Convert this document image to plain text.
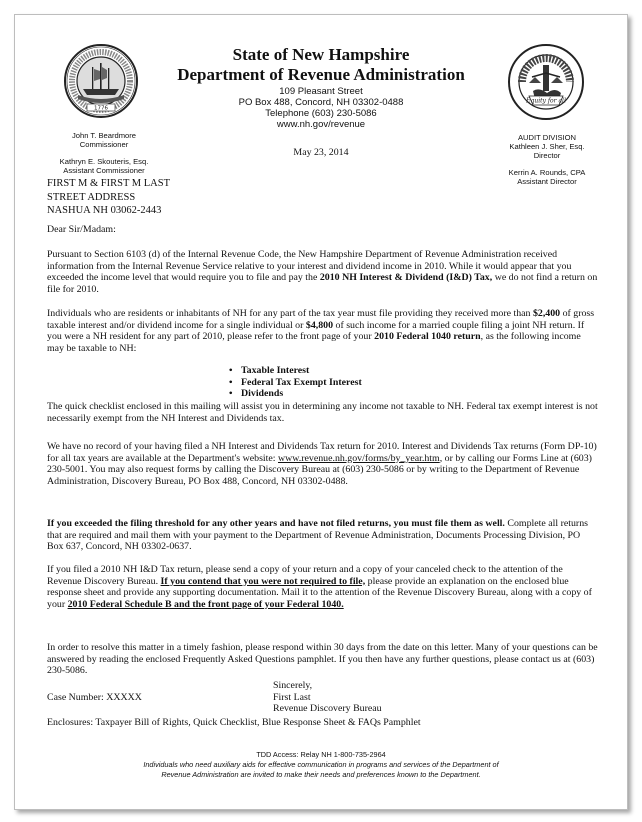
1776
Equity for all
State of New Hampshire
Department of Revenue Administration
109 Pleasant Street
PO Box 488, Concord, NH 03302-0488
Telephone (603) 230-5086
www.nh.gov/revenue
May 23, 2014
John T. Beardmore
Commissioner
Kathryn E. Skouteris, Esq.
Assistant Commissioner
AUDIT DIVISION
Kathleen J. Sher, Esq.
Director
Kerrin A. Rounds, CPA
Assistant Director
FIRST M & FIRST M LAST
STREET ADDRESS
NASHUA NH 03062-2443
Dear Sir/Madam:

Pursuant to Section 6103 (d) of the Internal Revenue Code, the New Hampshire Department of Revenue Administration received information from the Internal Revenue Service relative to your interest and dividend income in 2010. While it would appear that you exceeded the income level that would require you to file and pay the 2010 NH Interest & Dividend (I&D) Tax, we do not find a return on file for 2010.

Individuals who are residents or inhabitants of NH for any part of the tax year must file providing they received more than $2,400 of gross taxable interest and/or dividend income for a single individual or $4,800 of such income for a married couple filing a joint NH return. If you were a NH resident for any part of 2010, please refer to the front page of your 2010 Federal 1040 return, as the following income may be taxable to NH:

• Taxable Interest
• Federal Tax Exempt Interest
• Dividends
The quick checklist enclosed in this mailing will assist you in determining any income not taxable to NH. Federal tax exempt interest is not necessarily exempt from the NH Interest and Dividends tax.

We have no record of your having filed a NH Interest and Dividends Tax return for 2010. Interest and Dividends Tax returns (Form DP-10) for all tax years are available at the Department's website: www.revenue.nh.gov/forms/by_year.htm, or by calling our Forms Line at (603) 230-5001. You may also request forms by calling the Discovery Bureau at (603) 230-5086 or by writing to the Department of Revenue Administration, Discovery Bureau, PO Box 488, Concord, NH 03302-0488.

If you exceeded the filing threshold for any other years and have not filed returns, you must file them as well. Complete all returns that are required and mail them with your payment to the Department of Revenue Administration, Documents Processing Division, PO Box 637, Concord, NH 03302-0637.

If you filed a 2010 NH I&D Tax return, please send a copy of your return and a copy of your canceled check to the attention of the Revenue Discovery Bureau. If you contend that you were not required to file, please provide an explanation on the enclosed blue response sheet and provide any supporting documentation. Mail it to the attention of the Revenue Discovery Bureau, along with a copy of your 2010 Federal Schedule B and the front page of your Federal 1040.

In order to resolve this matter in a timely fashion, please respond within 30 days from the date on this letter. Many of your questions can be answered by reading the enclosed Frequently Asked Questions pamphlet. If you then have any further questions, please contact us at (603) 230-5086.
Sincerely,
First Last
Revenue Discovery Bureau
Case Number: XXXXX
Enclosures: Taxpayer Bill of Rights, Quick Checklist, Blue Response Sheet & FAQs Pamphlet
TDD Access: Relay NH 1-800-735-2964
Individuals who need auxiliary aids for effective communication in programs and services of the Department of
Revenue Administration are invited to make their needs and preferences known to the Department.
